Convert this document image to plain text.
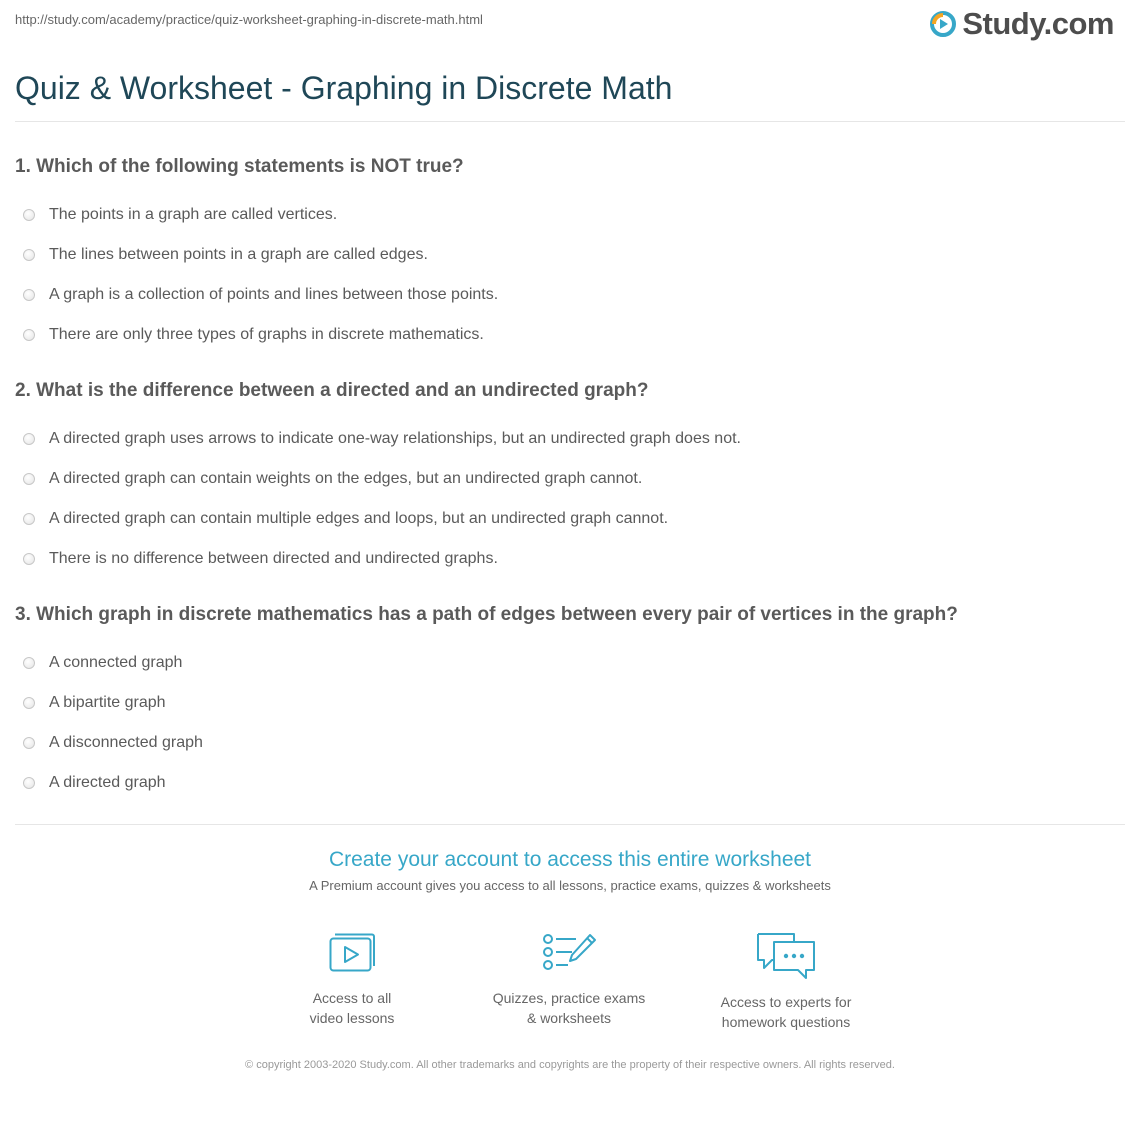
http://study.com/academy/practice/quiz-worksheet-graphing-in-discrete-math.html	Study.com
Quiz & Worksheet - Graphing in Discrete Math
1. Which of the following statements is NOT true?
The points in a graph are called vertices.
The lines between points in a graph are called edges.
A graph is a collection of points and lines between those points.
There are only three types of graphs in discrete mathematics.
2. What is the difference between a directed and an undirected graph?
A directed graph uses arrows to indicate one-way relationships, but an undirected graph does not.
A directed graph can contain weights on the edges, but an undirected graph cannot.
A directed graph can contain multiple edges and loops, but an undirected graph cannot.
There is no difference between directed and undirected graphs.
3. Which graph in discrete mathematics has a path of edges between every pair of vertices in the graph?
A connected graph
A bipartite graph
A disconnected graph
A directed graph
Create your account to access this entire worksheet

A Premium account gives you access to all lessons, practice exams, quizzes & worksheets

Access to all
video lessons
Quizzes, practice exams
& worksheets
Access to experts for
homework questions
© copyright 2003-2020 Study.com. All other trademarks and copyrights are the property of their respective owners. All rights reserved.
